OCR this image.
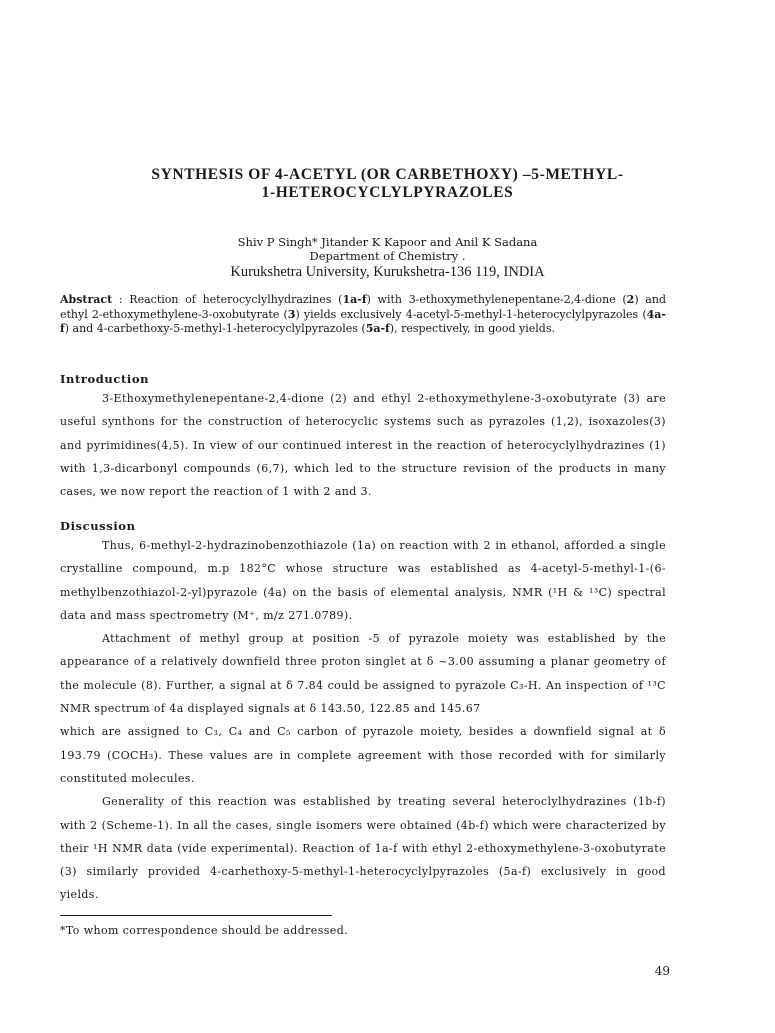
SYNTHESIS OF 4-ACETYL (OR CARBETHOXY) –5-METHYL-
1-HETEROCYCLYLPYRAZOLES
Shiv P Singh* Jitander K Kapoor and Anil K Sadana
Department of Chemistry .
Kurukshetra University, Kurukshetra-136 119, INDIA
Abstract : Reaction of heterocyclylhydrazines (1a-f) with 3-ethoxymethylenepentane-2,4-dione (2) and ethyl 2-ethoxymethylene-3-oxobutyrate (3) yields exclusively 4-acetyl-5-methyl-1-heterocyclylpyrazoles (4a-f) and 4-carbethoxy-5-methyl-1-heterocyclylpyrazoles (5a-f), respectively, in good yields.
Introduction

3-Ethoxymethylenepentane-2,4-dione (2) and ethyl 2-ethoxymethylene-3-oxobutyrate (3) are useful synthons for the construction of heterocyclic systems such as pyrazoles (1,2), isoxazoles(3) and pyrimidines(4,5). In view of our continued interest in the reaction of heterocyclylhydrazines (1) with 1,3-dicarbonyl compounds (6,7), which led to the structure revision of the products in many cases, we now report the reaction of 1 with 2 and 3.

Discussion

Thus, 6-methyl-2-hydrazinobenzothiazole (1a) on reaction with 2 in ethanol, afforded a single crystalline compound, m.p 182°C whose structure was established as 4-acetyl-5-methyl-1-(6-methylbenzothiazol-2-yl)pyrazole (4a) on the basis of elemental analysis, NMR (¹H & ¹³C) spectral data and mass spectrometry (M⁺, m/z 271.0789).

Attachment of methyl group at position -5 of pyrazole moiety was established by the appearance of a relatively downfield three proton singlet at δ ~3.00 assuming a planar geometry of the molecule (8). Further, a signal at δ 7.84 could be assigned to pyrazole C₃-H. An inspection of ¹³C NMR spectrum of 4a displayed signals at δ 143.50, 122.85 and 145.67

which are assigned to C₃, C₄ and C₅ carbon of pyrazole moiety, besides a downfield signal at δ 193.79 (COCH₃). These values are in complete agreement with those recorded with for similarly constituted molecules.

Generality of this reaction was established by treating several heteroclylhydrazines (1b-f) with 2 (Scheme-1). In all the cases, single isomers were obtained (4b-f) which were characterized by their ¹H NMR data (vide experimental). Reaction of 1a-f with ethyl 2-ethoxymethylene-3-oxobutyrate (3) similarly provided 4-carhethoxy-5-methyl-1-heterocyclylpyrazoles (5a-f) exclusively in good yields.

*To whom correspondence should be addressed.
49
